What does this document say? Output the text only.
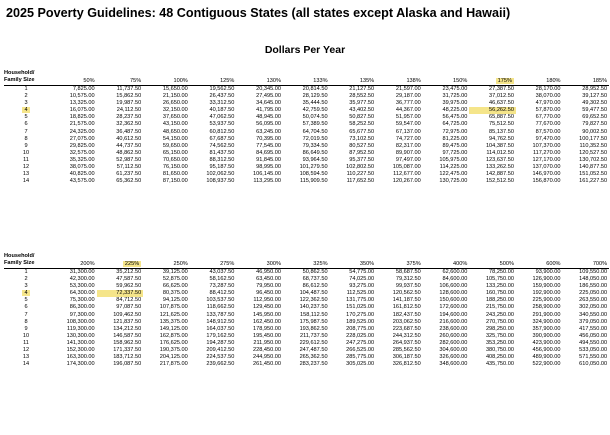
2025 Poverty Guidelines: 48 Contiguous States (all states except Alaska and Hawaii)
Dollars Per Year
Household/
Family Size	50%	75%	100%	125%	130%	133%	135%	138%	150%	175%	180%	185%
1	7,825.00	11,737.50	15,650.00	19,562.50	20,345.00	20,814.50	21,127.50	21,597.00	23,475.00	27,387.50	28,170.00	28,952.50
2	10,575.00	15,862.50	21,150.00	26,437.50	27,495.00	28,129.50	28,552.50	29,187.00	31,725.00	37,012.50	38,070.00	39,127.50
3	13,325.00	19,987.50	26,650.00	33,312.50	34,645.00	35,444.50	35,977.50	36,777.00	39,975.00	46,637.50	47,970.00	49,302.50
4	16,075.00	24,112.50	32,150.00	40,187.50	41,795.00	42,759.50	43,402.50	44,367.00	48,225.00	56,262.50	57,870.00	59,477.50
5	18,825.00	28,237.50	37,650.00	47,062.50	48,945.00	50,074.50	50,827.50	51,957.00	56,475.00	65,887.50	67,770.00	69,652.50
6	21,575.00	32,362.50	43,150.00	53,937.50	56,095.00	57,389.50	58,252.50	59,547.00	64,725.00	75,512.50	77,670.00	79,827.50
7	24,325.00	36,487.50	48,650.00	60,812.50	63,245.00	64,704.50	65,677.50	67,137.00	72,975.00	85,137.50	87,570.00	90,002.50
8	27,075.00	40,612.50	54,150.00	67,687.50	70,395.00	72,019.50	73,102.50	74,727.00	81,225.00	94,762.50	97,470.00	100,177.50
9	29,825.00	44,737.50	59,650.00	74,562.50	77,545.00	79,334.50	80,527.50	82,317.00	89,475.00	104,387.50	107,370.00	110,352.50
10	32,575.00	48,862.50	65,150.00	81,437.50	84,695.00	86,649.50	87,952.50	89,907.00	97,725.00	114,012.50	117,270.00	120,527.50
11	35,325.00	52,987.50	70,650.00	88,312.50	91,845.00	93,964.50	95,377.50	97,497.00	105,975.00	123,637.50	127,170.00	130,702.50
12	38,075.00	57,112.50	76,150.00	95,187.50	98,995.00	101,279.50	102,802.50	105,087.00	114,225.00	133,262.50	137,070.00	140,877.50
13	40,825.00	61,237.50	81,650.00	102,062.50	106,145.00	108,594.50	110,227.50	112,677.00	122,475.00	142,887.50	146,970.00	151,052.50
14	43,575.00	65,362.50	87,150.00	108,937.50	113,295.00	115,909.50	117,652.50	120,267.00	130,725.00	152,512.50	156,870.00	161,227.50
Household/
Family Size	200%	225%	250%	275%	300%	325%	350%	375%	400%	500%	600%	700%
1	31,300.00	35,212.50	39,125.00	43,037.50	46,950.00	50,862.50	54,775.00	58,687.50	62,600.00	78,250.00	93,900.00	109,550.00
2	42,300.00	47,587.50	52,875.00	58,162.50	63,450.00	68,737.50	74,025.00	79,312.50	84,600.00	105,750.00	126,900.00	148,050.00
3	53,300.00	59,962.50	66,625.00	73,287.50	79,950.00	86,612.50	93,275.00	99,937.50	106,600.00	133,250.00	159,900.00	186,550.00
4	64,300.00	72,337.50	80,375.00	88,412.50	96,450.00	104,487.50	112,525.00	120,562.50	128,600.00	160,750.00	192,900.00	225,050.00
5	75,300.00	84,712.50	94,125.00	103,537.50	112,950.00	122,362.50	131,775.00	141,187.50	150,600.00	188,250.00	225,900.00	263,550.00
6	86,300.00	97,087.50	107,875.00	118,662.50	129,450.00	140,237.50	151,025.00	161,812.50	172,600.00	215,750.00	258,900.00	302,050.00
7	97,300.00	109,462.50	121,625.00	133,787.50	145,950.00	158,112.50	170,275.00	182,437.50	194,600.00	243,250.00	291,900.00	340,550.00
8	108,300.00	121,837.50	135,375.00	148,912.50	162,450.00	175,987.50	189,525.00	203,062.50	216,600.00	270,750.00	324,900.00	379,050.00
9	119,300.00	134,212.50	149,125.00	164,037.50	178,950.00	193,862.50	208,775.00	223,687.50	238,600.00	298,250.00	357,900.00	417,550.00
10	130,300.00	146,587.50	162,875.00	179,162.50	195,450.00	211,737.50	228,025.00	244,312.50	260,600.00	325,750.00	390,900.00	456,050.00
11	141,300.00	158,962.50	176,625.00	194,287.50	211,950.00	229,612.50	247,275.00	264,937.50	282,600.00	353,250.00	423,900.00	494,550.00
12	152,300.00	171,337.50	190,375.00	209,412.50	228,450.00	247,487.50	266,525.00	285,562.50	304,600.00	380,750.00	456,900.00	533,050.00
13	163,300.00	183,712.50	204,125.00	224,537.50	244,950.00	265,362.50	285,775.00	306,187.50	326,600.00	408,250.00	489,900.00	571,550.00
14	174,300.00	196,087.50	217,875.00	239,662.50	261,450.00	283,237.50	305,025.00	326,812.50	348,600.00	435,750.00	522,900.00	610,050.00
